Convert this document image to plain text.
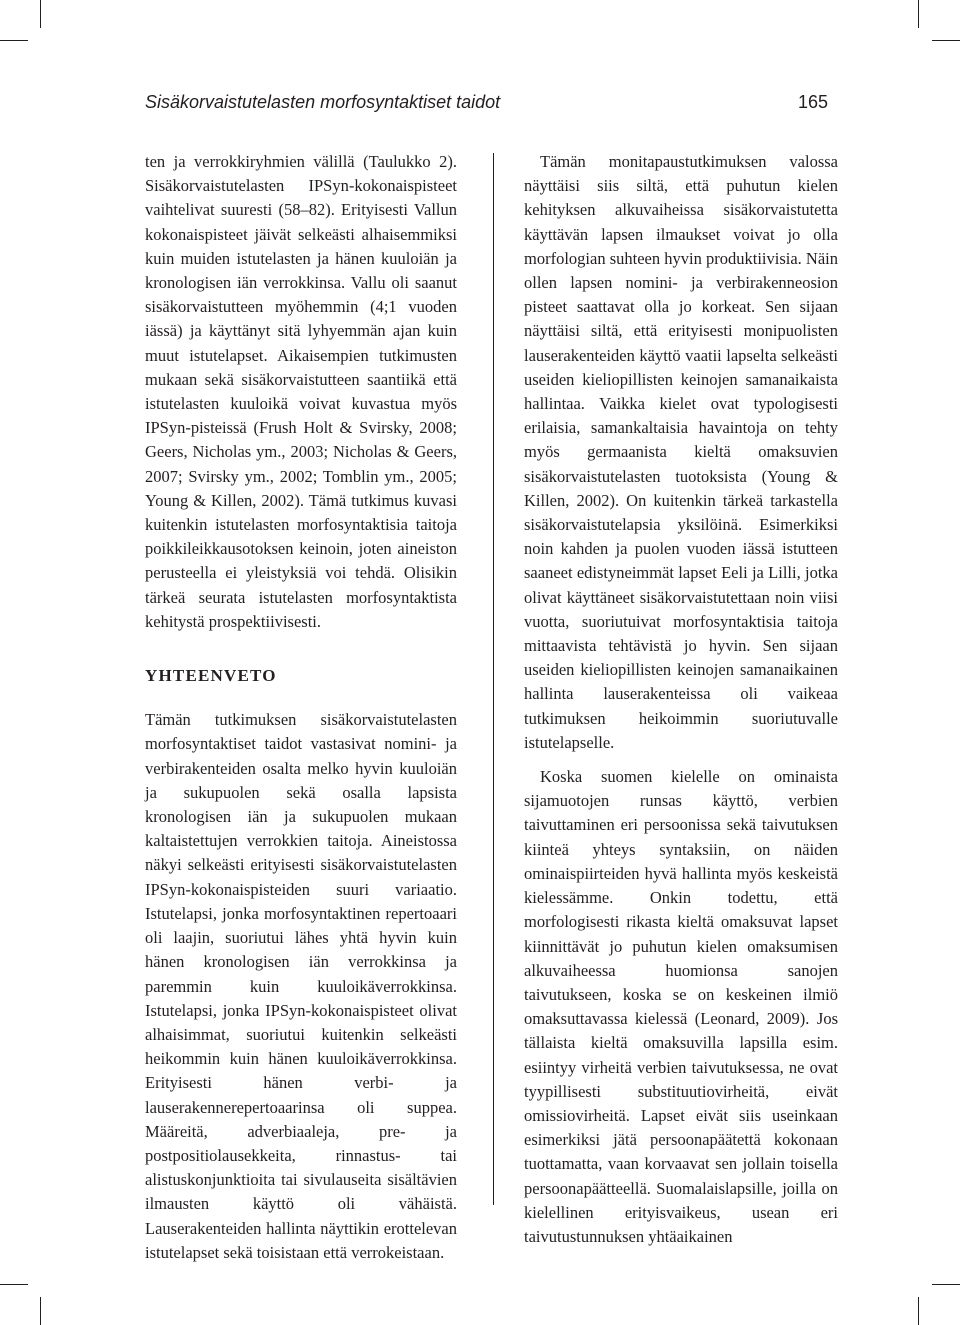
Sisäkorvaistutelasten morfosyntaktiset taidot	165

ten ja verrokkiryhmien välillä (Taulukko 2). Sisäkorvaistutelasten IPSyn-kokonaispisteet vaihtelivat suuresti (58–82). Erityisesti Vallun kokonaispisteet jäivät selkeästi alhaisemmiksi kuin muiden istutelasten ja hänen kuuloiän ja kronologisen iän verrokkinsa. Vallu oli saanut sisäkorvaistutteen myöhemmin (4;1 vuoden iässä) ja käyttänyt sitä lyhyemmän ajan kuin muut istutelapset. Aikaisempien tutkimusten mukaan sekä sisäkorvaistutteen saantiikä että istutelasten kuuloikä voivat kuvastua myös IPSyn-pisteissä (Frush Holt & Svirsky, 2008; Geers, Nicholas ym., 2003; Nicholas & Geers, 2007; Svirsky ym., 2002; Tomblin ym., 2005; Young & Killen, 2002). Tämä tutkimus kuvasi kuitenkin istutelasten morfosyntaktisia taitoja poikkileikkausotoksen keinoin, joten aineiston perusteella ei yleistyksiä voi tehdä. Olisikin tärkeä seurata istutelasten morfosyntaktista kehitystä prospektiivisesti.

YHTEENVETO

Tämän tutkimuksen sisäkorvaistutelasten morfosyntaktiset taidot vastasivat nomini- ja verbirakenteiden osalta melko hyvin kuuloiän ja sukupuolen sekä osalla lapsista kronologisen iän ja sukupuolen mukaan kaltaistettujen verrokkien taitoja. Aineistossa näkyi selkeästi erityisesti sisäkorvaistutelasten IPSyn-kokonaispisteiden suuri variaatio. Istutelapsi, jonka morfosyntaktinen repertoaari oli laajin, suoriutui lähes yhtä hyvin kuin hänen kronologisen iän verrokkinsa ja paremmin kuin kuuloikäverrokkinsa. Istutelapsi, jonka IPSyn-kokonaispisteet olivat alhaisimmat, suoriutui kuitenkin selkeästi heikommin kuin hänen kuuloikäverrokkinsa. Erityisesti hänen verbi- ja lauserakennerepertoaarinsa oli suppea. Määreitä, adverbiaaleja, pre- ja postpositiolausekkeita, rinnastus- tai alistuskonjunktioita tai sivulauseita sisältävien ilmausten käyttö oli vähäistä. Lauserakenteiden hallinta näyttikin erottelevan istutelapset sekä toisistaan että verrokeistaan.

Tämän monitapaustutkimuksen valossa näyttäisi siis siltä, että puhutun kielen kehityksen alkuvaiheissa sisäkorvaistutetta käyttävän lapsen ilmaukset voivat jo olla morfologian suhteen hyvin produktiivisia. Näin ollen lapsen nomini- ja verbirakenneosion pisteet saattavat olla jo korkeat. Sen sijaan näyttäisi siltä, että erityisesti monipuolisten lauserakenteiden käyttö vaatii lapselta selkeästi useiden kieliopillisten keinojen samanaikaista hallintaa. Vaikka kielet ovat typologisesti erilaisia, samankaltaisia havaintoja on tehty myös germaanista kieltä omaksuvien sisäkorvaistutelasten tuotoksista (Young & Killen, 2002). On kuitenkin tärkeä tarkastella sisäkorvaistutelapsia yksilöinä. Esimerkiksi noin kahden ja puolen vuoden iässä istutteen saaneet edistyneimmät lapset Eeli ja Lilli, jotka olivat käyttäneet sisäkorvaistutettaan noin viisi vuotta, suoriutuivat morfosyntaktisia taitoja mittaavista tehtävistä jo hyvin. Sen sijaan useiden kieliopillisten keinojen samanaikainen hallinta lauserakenteissa oli vaikeaa tutkimuksen heikoimmin suoriutuvalle istutelapselle.

Koska suomen kielelle on ominaista sijamuotojen runsas käyttö, verbien taivuttaminen eri persoonissa sekä taivutuksen kiinteä yhteys syntaksiin, on näiden ominaispiirteiden hyvä hallinta myös keskeistä kielessämme. Onkin todettu, että morfologisesti rikasta kieltä omaksuvat lapset kiinnittävät jo puhutun kielen omaksumisen alkuvaiheessa huomionsa sanojen taivutukseen, koska se on keskeinen ilmiö omaksuttavassa kielessä (Leonard, 2009). Jos tällaista kieltä omaksuvilla lapsilla esim. esiintyy virheitä verbien taivutuksessa, ne ovat tyypillisesti substituutiovirheitä, eivät omissiovirheitä. Lapset eivät siis useinkaan esimerkiksi jätä persoonapäätettä kokonaan tuottamatta, vaan korvaavat sen jollain toisella persoonapäätteellä. Suomalaislapsille, joilla on kielellinen erityisvaikeus, usean eri taivutustunnuksen yhtäaikainen
